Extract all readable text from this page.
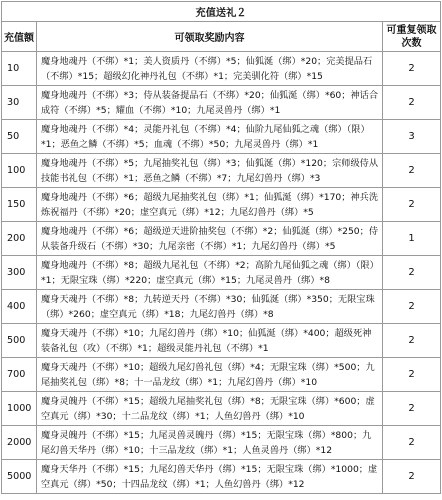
充值送礼２		
充值额	可领取奖励内容	可重复领取次数
10	魔身地魂丹（不绑）*1；美人资质丹（不绑）*5；仙狐涎（绑）*20；完美提品石（不绑）*15；超级幻化神丹礼包（不绑）*1；完美驯化符（绑）*15	2
30	魔身地魂丹（不绑）*3；侍从装备提品石（不绑）*20；仙狐涎（绑）*60；神话合成符（不绑）*5；耀血（不绑）*10；九尾灵兽丹（绑）*1	2
50	魔身地魂丹（不绑）*4；灵能丹礼包（不绑）*4；仙阶九尾仙狐之魂（绑）（限）*1；恶鱼之鳞（不绑）*5；血魂（不绑）*50；九尾灵兽丹（绑）*1	3
100	魔身地魂丹（不绑）*5；九尾抽奖礼包（绑）*3；仙狐涎（绑）*120；宗师级侍从技能书礼包（不绑）*1；恶鱼之鳞（不绑）*7；九尾幻兽丹（绑）*3	2
150	魔身地魂丹（不绑）*6；超级九尾抽奖礼包（绑）*1；仙狐涎（绑）*170；神兵洗炼祝福丹（不绑）*20；虚空真元（绑）*12；九尾幻兽丹（绑）*5	2
200	魔身地魂丹（不绑）*6；超级逆天进阶抽奖包（不绑）*2；仙狐涎（绑）*250；侍从装备升级石（不绑）*30；九尾亲密（不绑）*1；九尾幻兽丹（绑）*5	1
300	魔身地魂丹（不绑）*8；超级九尾礼包（不绑）*2；高阶九尾仙狐之魂（绑）（限）*1；无限宝珠（绑）*220；虚空真元（绑）*15；九尾灵兽丹（绑）*8	2
400	魔身天魂丹（不绑）*8；九转逆天丹（不绑）*30；仙狐涎（绑）*350；无限宝珠（绑）*260；虚空真元（绑）*18；九尾幻兽丹（绑）*8	2
500	魔身天魂丹（不绑）*10；九尾幻兽丹（绑）*10；仙狐涎（绑）*400；超级死神装备礼包（攻）（不绑）*1；超级灵能丹礼包（不绑）*1	2
700	魔身天魂丹（不绑）*10；超级九尾幻兽礼包（绑）*4；无限宝珠（绑）*500；九尾抽奖礼包（绑）*8；十一品龙纹（绑）*1；九尾幻兽丹（绑）*10	2
1000	魔身灵魄丹（不绑）*15；超级九尾抽奖礼包（绑）*8；无限宝珠（绑）*600；虚空真元（绑）*30；十二品龙纹（绑）*1；人鱼幻兽丹（绑）*10	2
2000	魔身灵魄丹（不绑）*15；九尾灵兽灵魄丹（绑）*15；无限宝珠（绑）*800；九尾幻兽天华丹（绑）*10；十三品龙纹（绑）*1；人鱼灵兽丹（绑）*12	2
5000	魔身天华丹（不绑）*15；九尾幻兽天华丹（绑）*15；无限宝珠（绑）*1000；虚空真元（绑）*50；十四品龙纹（绑）*1；人鱼幻兽丹（绑）*12	2
